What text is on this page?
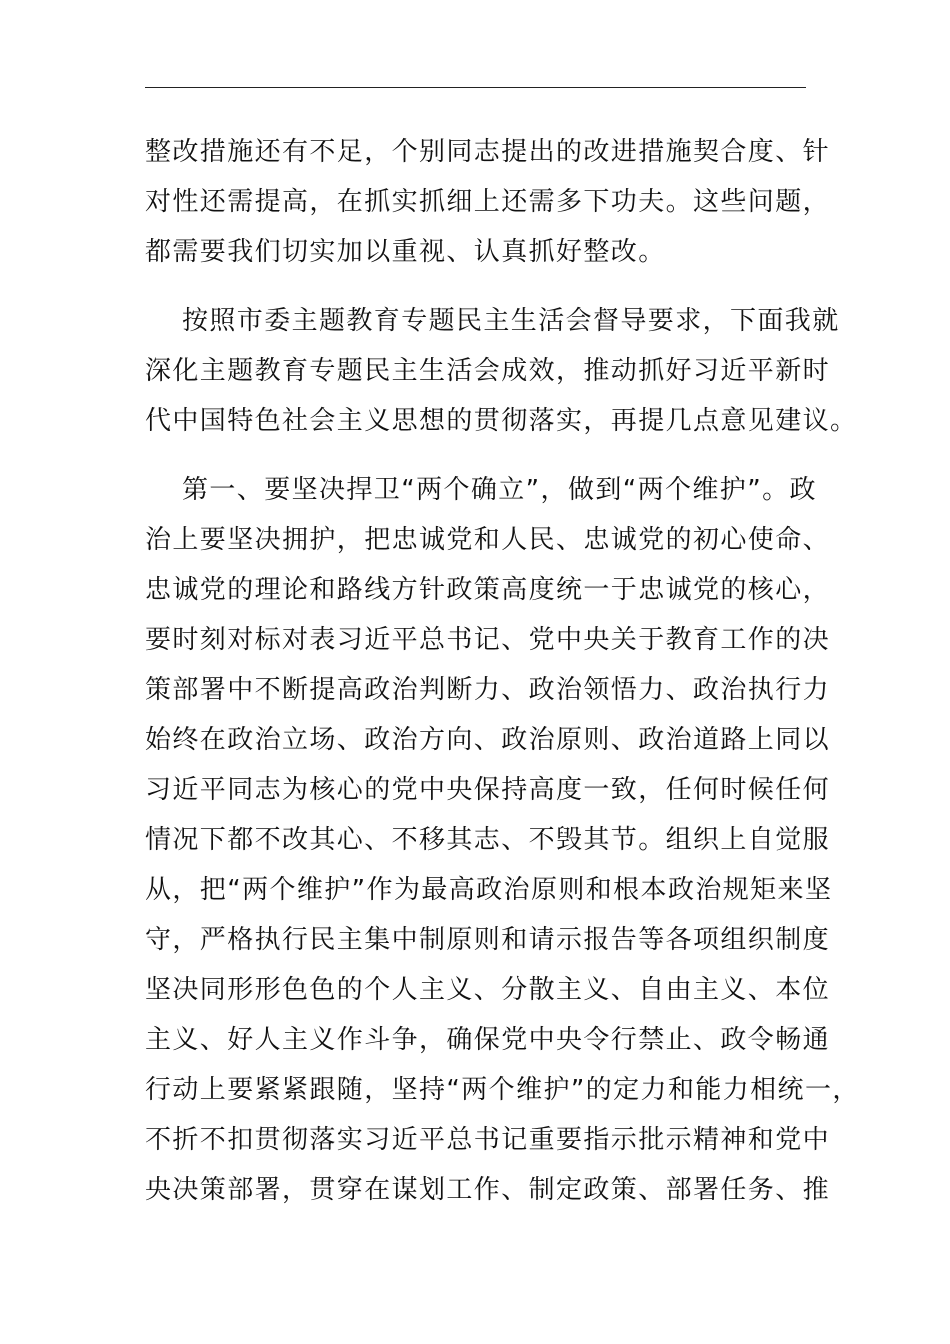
整改措施还有不足，个别同志提出的改进措施契合度、针
对性还需提高，在抓实抓细上还需多下功夫。这些问题，
都需要我们切实加以重视、认真抓好整改。
按照市委主题教育专题民主生活会督导要求，下面我就
深化主题教育专题民主生活会成效，推动抓好习近平新时
代中国特色社会主义思想的贯彻落实，再提几点意见建议。
第一、要坚决捍卫“两个确立”，做到“两个维护”。政
治上要坚决拥护，把忠诚党和人民、忠诚党的初心使命、
忠诚党的理论和路线方针政策高度统一于忠诚党的核心，
要时刻对标对表习近平总书记、党中央关于教育工作的决
策部署中不断提高政治判断力、政治领悟力、政治执行力
始终在政治立场、政治方向、政治原则、政治道路上同以
习近平同志为核心的党中央保持高度一致，任何时候任何
情况下都不改其心、不移其志、不毁其节。组织上自觉服
从，把“两个维护”作为最高政治原则和根本政治规矩来坚
守，严格执行民主集中制原则和请示报告等各项组织制度
坚决同形形色色的个人主义、分散主义、自由主义、本位
主义、好人主义作斗争，确保党中央令行禁止、政令畅通
行动上要紧紧跟随，坚持“两个维护”的定力和能力相统一，
不折不扣贯彻落实习近平总书记重要指示批示精神和党中
央决策部署，贯穿在谋划工作、制定政策、部署任务、推
